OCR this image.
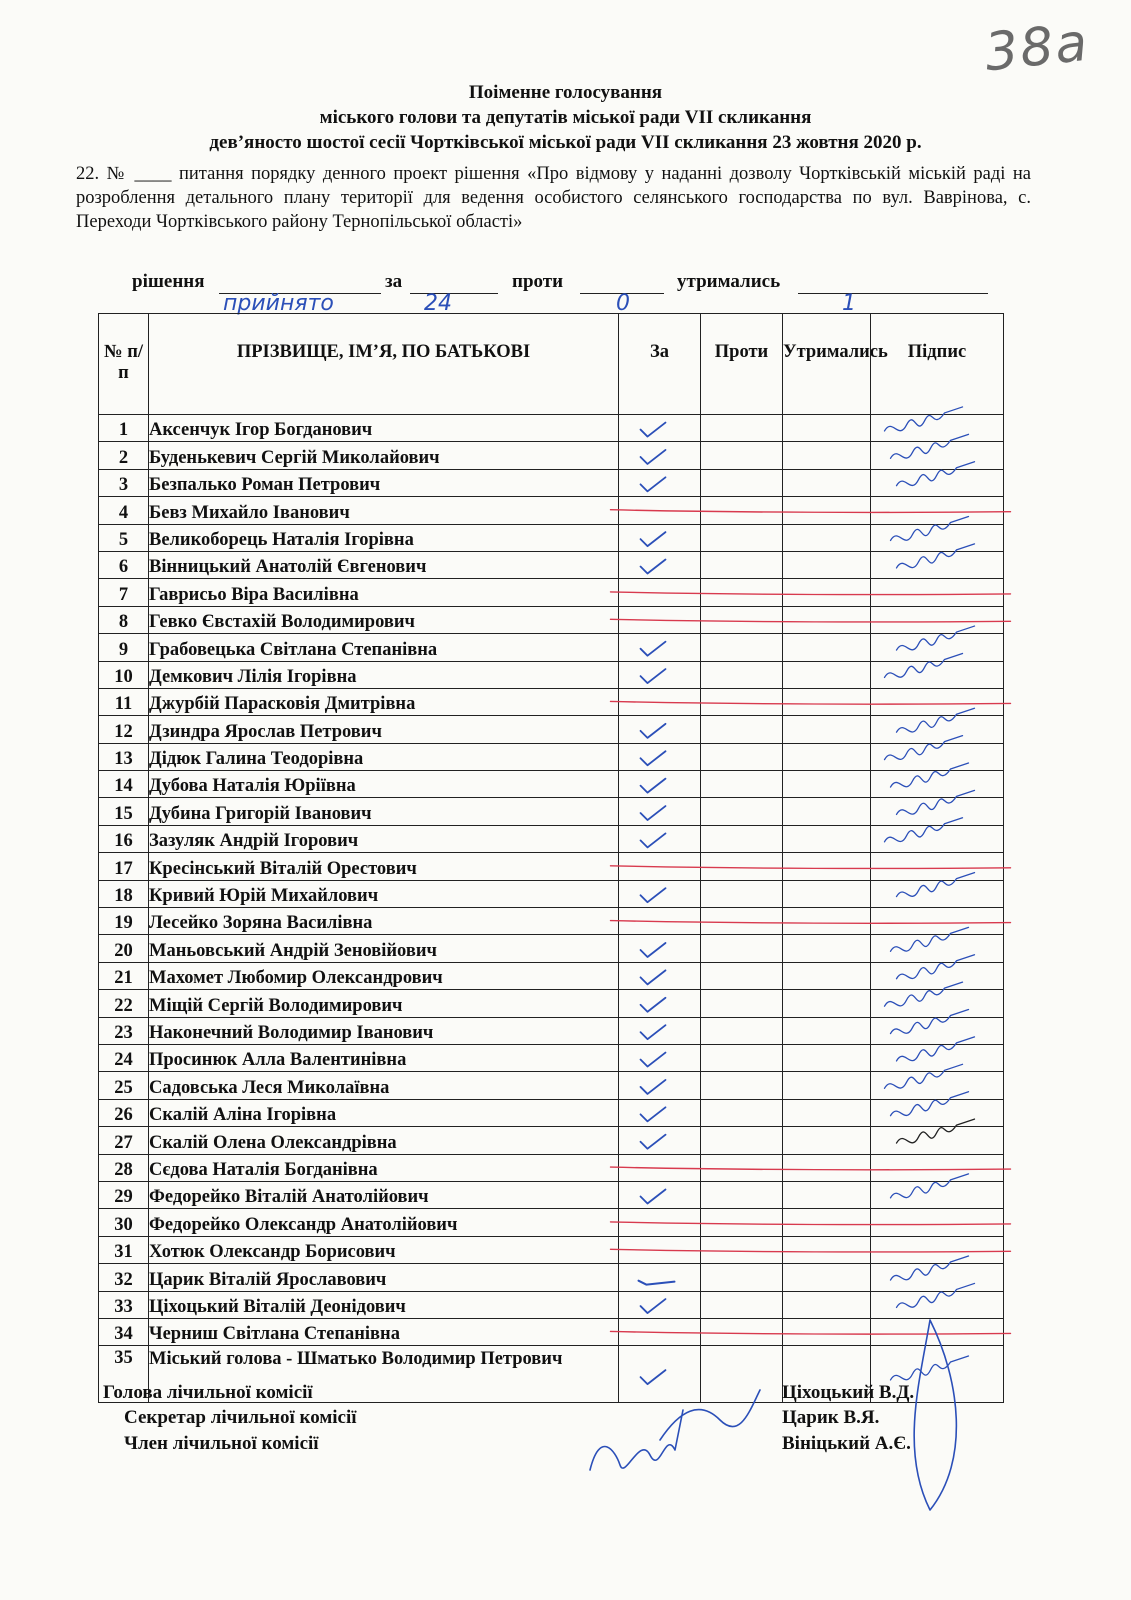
38а
Поіменне голосування
міського голови та депутатів міської ради VII скликання
дев’яносто шостої сесії Чортківської міської ради VII скликання 23 жовтня 2020 р.
22. № ____ питання порядку денного проект рішення «Про відмову у наданні дозволу Чортківській міській раді на розроблення детального плану території для ведення особистого селянського господарства по вул. Ваврінова, с. Переходи Чортківського району Тернопільської області»
рішення
прийнято
за
24
проти
0
утримались
1
№ п/п	ПРІЗВИЩЕ, ІМ’Я, ПО БАТЬКОВІ	За	Проти	Утримались	Підпис
1	Аксенчук Ігор Богданович				
2	Буденькевич Сергій Миколайович				
3	Безпалько Роман Петрович				
4	Бевз Михайло Іванович				
5	Великоборець Наталія Ігорівна				
6	Вінницький Анатолій Євгенович				
7	Гаврисьо Віра Василівна				
8	Гевко Євстахій Володимирович				
9	Грабовецька Світлана Степанівна				
10	Демкович Лілія Ігорівна				
11	Джурбій Парасковія Дмитрівна				
12	Дзиндра Ярослав Петрович				
13	Дідюк Галина Теодорівна				
14	Дубова Наталія Юріївна				
15	Дубина Григорій Іванович				
16	Зазуляк Андрій Ігорович				
17	Кресінський Віталій Орестович				
18	Кривий Юрій Михайлович				
19	Лесейко Зоряна Василівна				
20	Маньовський Андрій Зеновійович				
21	Махомет Любомир Олександрович				
22	Міщій Сергій Володимирович				
23	Наконечний Володимир Іванович				
24	Просинюк Алла Валентинівна				
25	Садовська Леся Миколаївна				
26	Скалій Аліна Ігорівна				
27	Скалій Олена Олександрівна				
28	Сєдова Наталія Богданівна				
29	Федорейко Віталій Анатолійович				
30	Федорейко Олександр Анатолійович				
31	Хотюк Олександр Борисович				
32	Царик Віталій Ярославович				
33	Ціхоцький Віталій Деонідович				
34	Черниш Світлана Степанівна				
35	Міський голова - Шматько Володимир Петрович				
Голова лічильної комісії
Секретар лічильної комісії
Член лічильної комісії
Ціхоцький В.Д.
Царик В.Я.
Вініцький А.Є.
